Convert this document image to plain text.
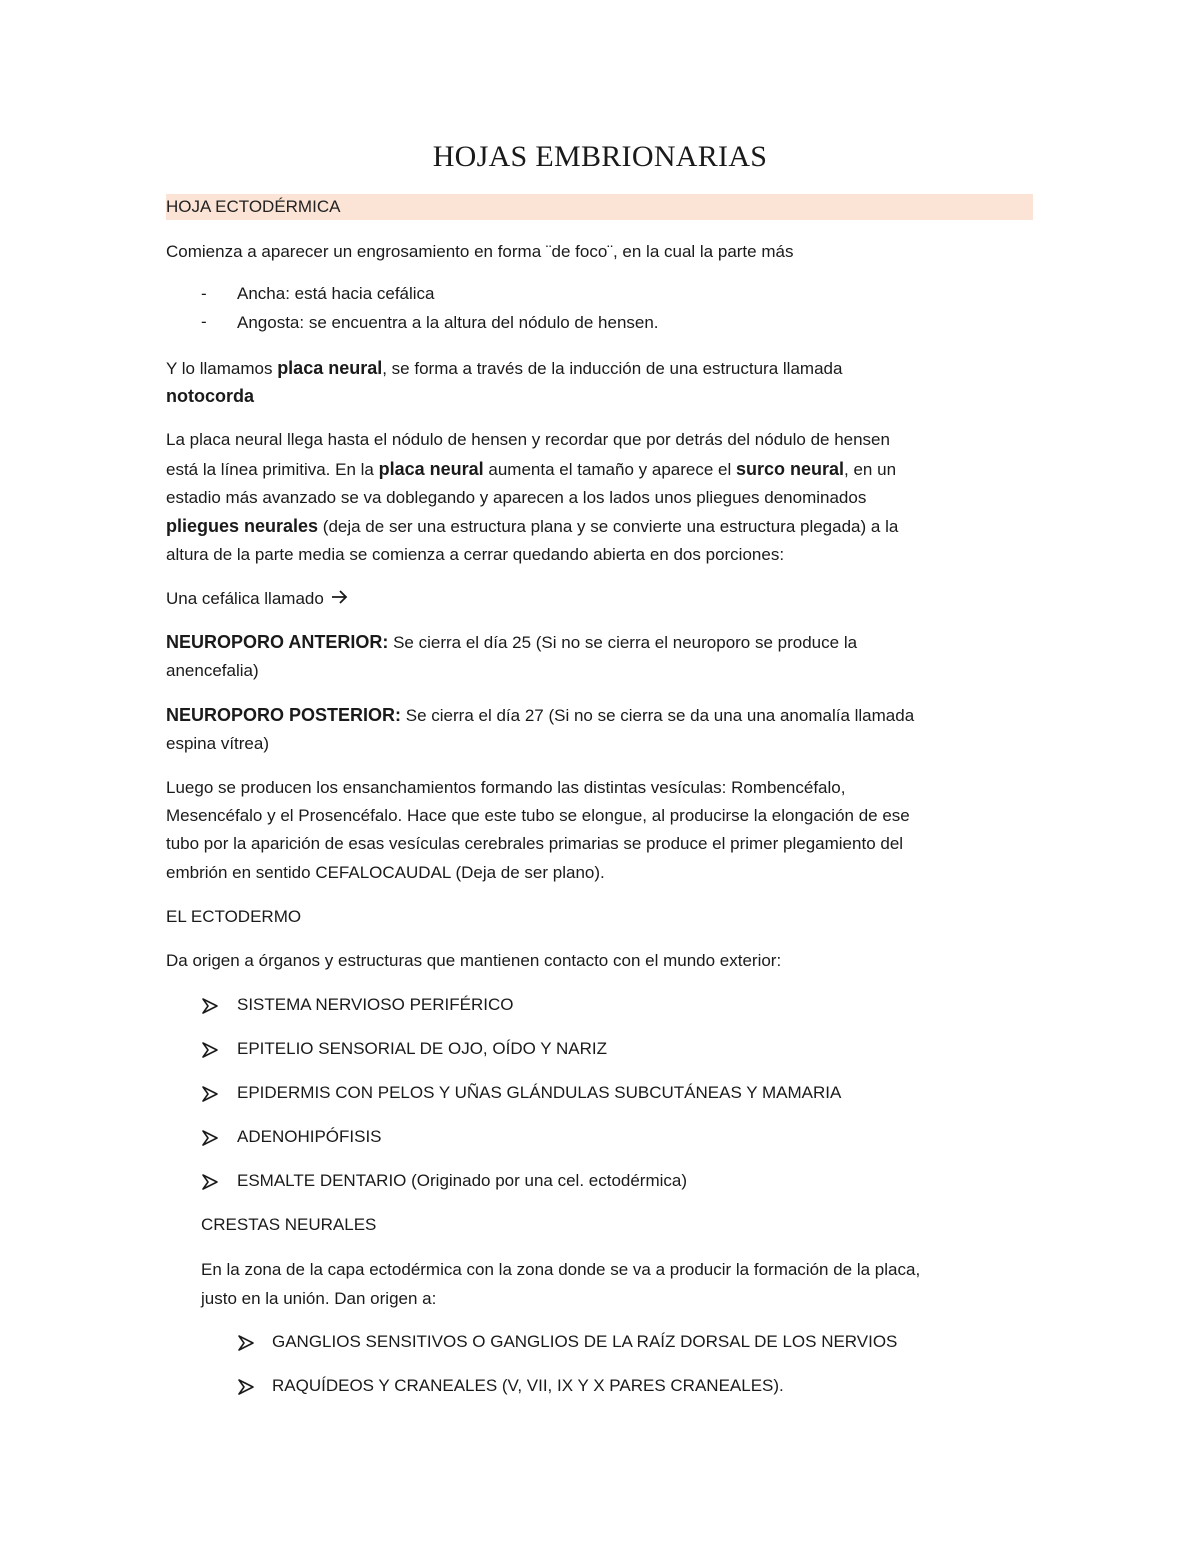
HOJAS EMBRIONARIAS
HOJA ECTODÉRMICA
Comienza a aparecer un engrosamiento en forma ¨de foco¨, en la cual la parte más
- Ancha: está hacia cefálica
- Angosta: se encuentra a la altura del nódulo de hensen.
Y lo llamamos placa neural, se forma a través de la inducción de una estructura llamada
notocorda
La placa neural llega hasta el nódulo de hensen y recordar que por detrás del nódulo de hensen
está la línea primitiva. En la placa neural aumenta el tamaño y aparece el surco neural, en un
estadio más avanzado se va doblegando y aparecen a los lados unos pliegues denominados
pliegues neurales (deja de ser una estructura plana y se convierte una estructura plegada) a la
altura de la parte media se comienza a cerrar quedando abierta en dos porciones:
Una cefálica llamado
NEUROPORO ANTERIOR: Se cierra el día 25 (Si no se cierra el neuroporo se produce la
anencefalia)
NEUROPORO POSTERIOR: Se cierra el día 27 (Si no se cierra se da una una anomalía llamada
espina vítrea)
Luego se producen los ensanchamientos formando las distintas vesículas: Rombencéfalo,
Mesencéfalo y el Prosencéfalo. Hace que este tubo se elongue, al producirse la elongación de ese
tubo por la aparición de esas vesículas cerebrales primarias se produce el primer plegamiento del
embrión en sentido CEFALOCAUDAL (Deja de ser plano).
EL ECTODERMO
Da origen a órganos y estructuras que mantienen contacto con el mundo exterior:
SISTEMA NERVIOSO PERIFÉRICO
EPITELIO SENSORIAL DE OJO, OÍDO Y NARIZ
EPIDERMIS CON PELOS Y UÑAS GLÁNDULAS SUBCUTÁNEAS Y MAMARIA
ADENOHIPÓFISIS
ESMALTE DENTARIO (Originado por una cel. ectodérmica)
CRESTAS NEURALES
En la zona de la capa ectodérmica con la zona donde se va a producir la formación de la placa,
justo en la unión. Dan origen a:
GANGLIOS SENSITIVOS O GANGLIOS DE LA RAÍZ DORSAL DE LOS NERVIOS
RAQUÍDEOS Y CRANEALES (V, VII, IX Y X PARES CRANEALES).
